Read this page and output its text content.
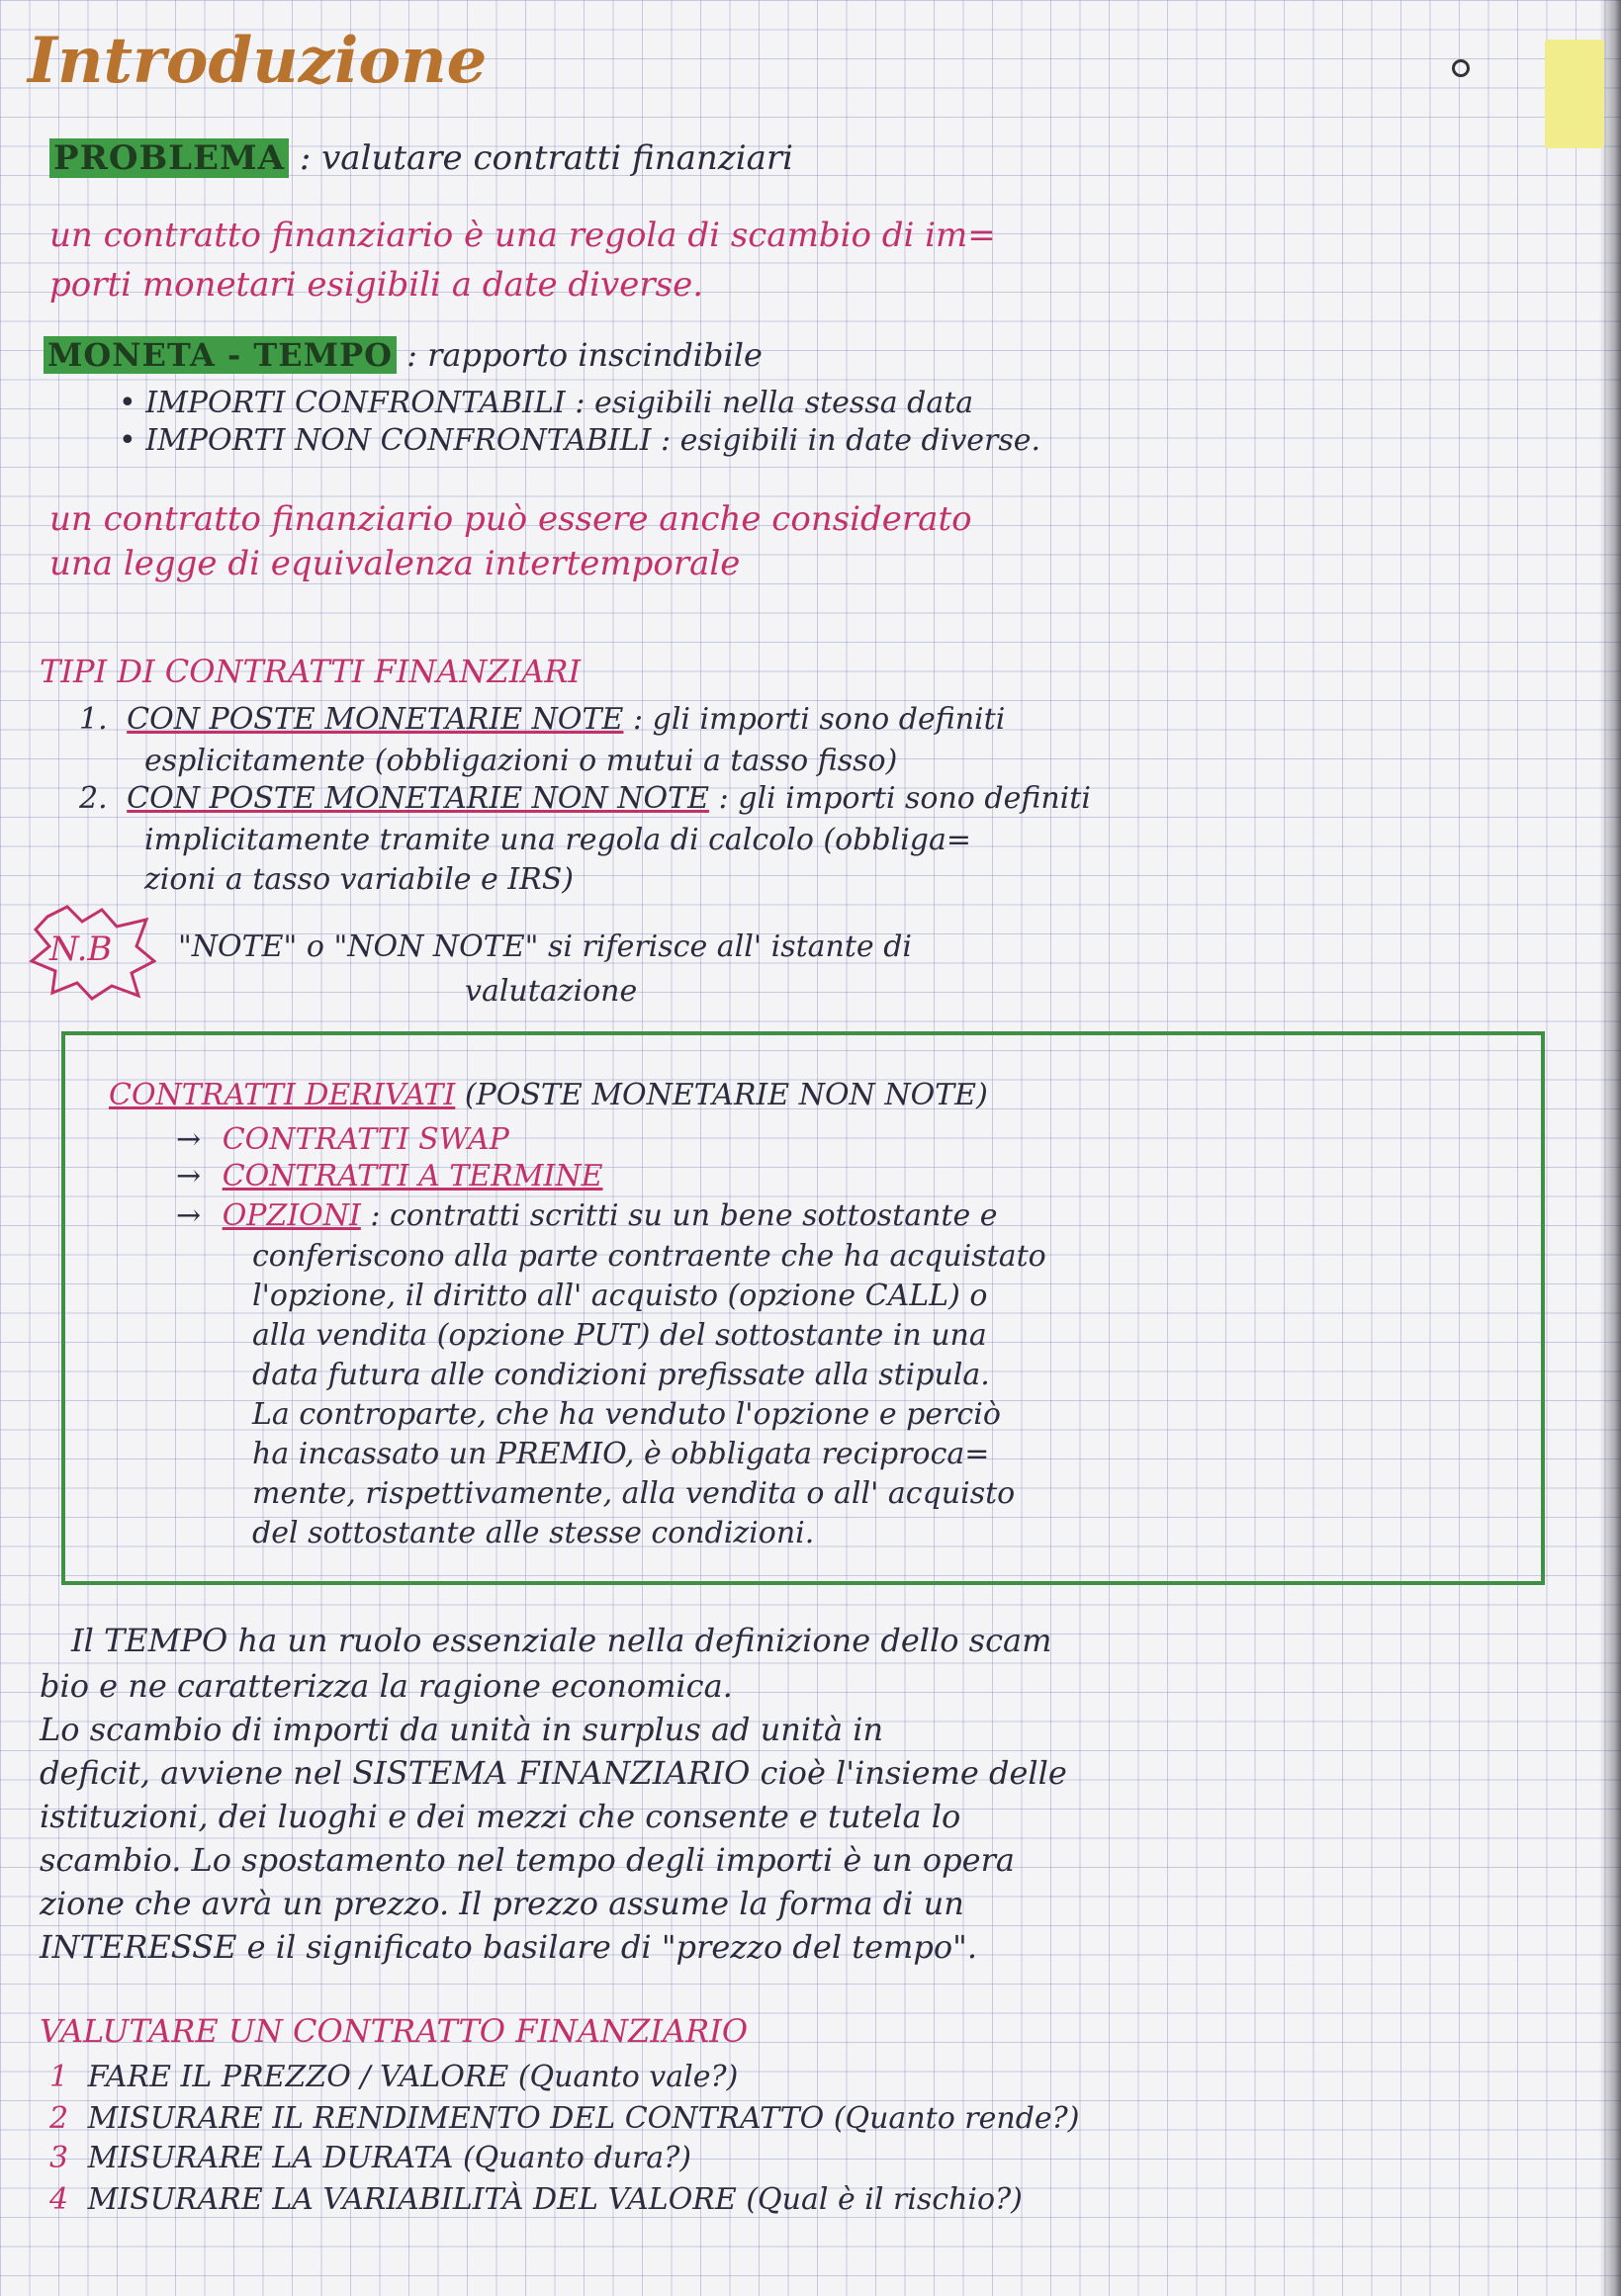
Introduzione
PROBLEMA : valutare contratti finanziari
un contratto finanziario è una regola di scambio di im=
porti monetari esigibili a date diverse.
MONETA - TEMPO : rapporto inscindibile
• IMPORTI CONFRONTABILI : esigibili nella stessa data
• IMPORTI NON CONFRONTABILI : esigibili in date diverse.
un contratto finanziario può essere anche considerato
una legge di equivalenza intertemporale
TIPI DI CONTRATTI FINANZIARI
1. CON POSTE MONETARIE NOTE : gli importi sono definiti
esplicitamente (obbligazioni o mutui a tasso fisso)
2. CON POSTE MONETARIE NON NOTE : gli importi sono definiti
implicitamente tramite una regola di calcolo (obbliga=
zioni a tasso variabile e IRS)
N.B "NOTE" o "NON NOTE" si riferisce all' istante di
valutazione
CONTRATTI DERIVATI (POSTE MONETARIE NON NOTE)
→ CONTRATTI SWAP
→ CONTRATTI A TERMINE
→ OPZIONI : contratti scritti su un bene sottostante e
conferiscono alla parte contraente che ha acquistato
l'opzione, il diritto all' acquisto (opzione CALL) o
alla vendita (opzione PUT) del sottostante in una
data futura alle condizioni prefissate alla stipula.
La controparte, che ha venduto l'opzione e perciò
ha incassato un PREMIO, è obbligata reciproca=
mente, rispettivamente, alla vendita o all' acquisto
del sottostante alle stesse condizioni.
Il TEMPO ha un ruolo essenziale nella definizione dello scam
bio e ne caratterizza la ragione economica.
Lo scambio di importi da unità in surplus ad unità in
deficit, avviene nel SISTEMA FINANZIARIO cioè l'insieme delle
istituzioni, dei luoghi e dei mezzi che consente e tutela lo
scambio. Lo spostamento nel tempo degli importi è un opera
zione che avrà un prezzo. Il prezzo assume la forma di un
INTERESSE e il significato basilare di "prezzo del tempo".
VALUTARE UN CONTRATTO FINANZIARIO
1 FARE IL PREZZO / VALORE (Quanto vale?)
2 MISURARE IL RENDIMENTO DEL CONTRATTO (Quanto rende?)
3 MISURARE LA DURATA (Quanto dura?)
4 MISURARE LA VARIABILITÀ DEL VALORE (Qual è il rischio?)
